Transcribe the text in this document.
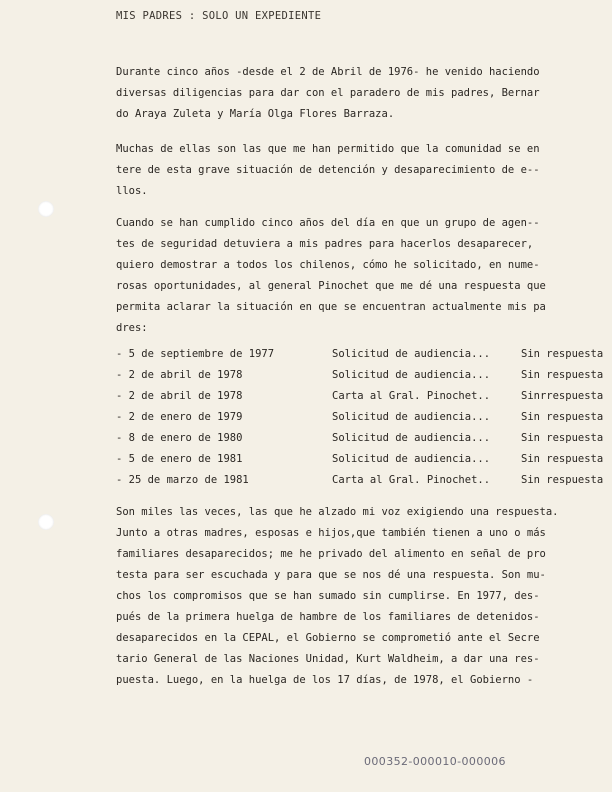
MIS PADRES : SOLO UN EXPEDIENTE
Durante cinco años -desde el 2 de Abril de 1976- he venido haciendo
diversas diligencias para dar con el paradero de mis padres, Bernar
do Araya Zuleta y María Olga Flores Barraza.
Muchas de ellas son las que me han permitido que la comunidad se en
tere de esta grave situación de detención y desaparecimiento de e--
llos.
Cuando se han cumplido cinco años del día en que un grupo de agen--
tes de seguridad detuviera a mis padres para hacerlos desaparecer,
quiero demostrar a todos los chilenos, cómo he solicitado, en nume-
rosas oportunidades, al general Pinochet que me dé una respuesta que
permita aclarar la situación en que se encuentran actualmente mis pa
dres:
- 5 de septiembre de 1977	Solicitud de audiencia...	Sin respuesta
- 2 de abril de 1978	Solicitud de audiencia...	Sin respuesta
- 2 de abril de 1978	Carta al Gral. Pinochet..	Sinrrespuesta
- 2 de enero de 1979	Solicitud de audiencia...	Sin respuesta
- 8 de enero de 1980	Solicitud de audiencia...	Sin respuesta
- 5 de enero de 1981	Solicitud de audiencia...	Sin respuesta
- 25 de marzo de 1981	Carta al Gral. Pinochet..	Sin respuesta
Son miles las veces, las que he alzado mi voz exigiendo una respuesta.
Junto a otras madres, esposas e hijos,que también tienen a uno o más
familiares desaparecidos; me he privado del alimento en señal de pro
testa para ser escuchada y para que se nos dé una respuesta. Son mu-
chos los compromisos que se han sumado sin cumplirse. En 1977, des-
pués de la primera huelga de hambre de los familiares de detenidos-
desaparecidos en la CEPAL, el Gobierno se comprometió ante el Secre
tario General de las Naciones Unidad, Kurt Waldheim, a dar una res-
puesta. Luego, en la huelga de los 17 días, de 1978, el Gobierno -
000352-000010-000006
